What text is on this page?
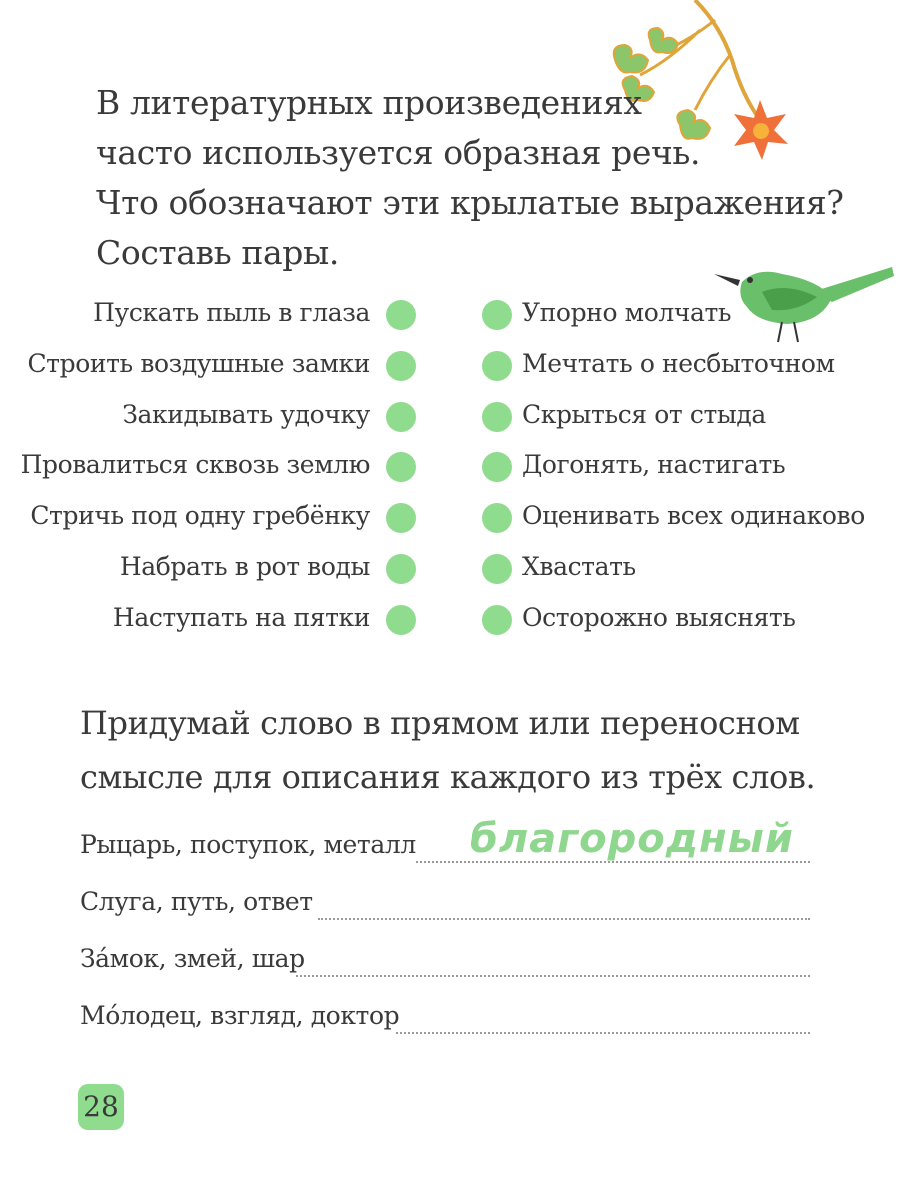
В литературных произведениях
часто используется образная речь.
Что обозначают эти крылатые выражения?
Составь пары.
Пускать пыль в глаза	Упорно молчать
Строить воздушные замки	Мечтать о несбыточном
Закидывать удочку	Скрыться от стыда
Провалиться сквозь землю	Догонять, настигать
Стричь под одну гребёнку	Оценивать всех одинаково
Набрать в рот воды	Хвастать
Наступать на пятки	Осторожно выяснять
Придумай слово в прямом или переносном
смысле для описания каждого из трёх слов.
Рыцарь, поступок, металл благородный
Слуга, путь, ответ
За́мок, змей, шар
Мо́лодец, взгляд, доктор
28
